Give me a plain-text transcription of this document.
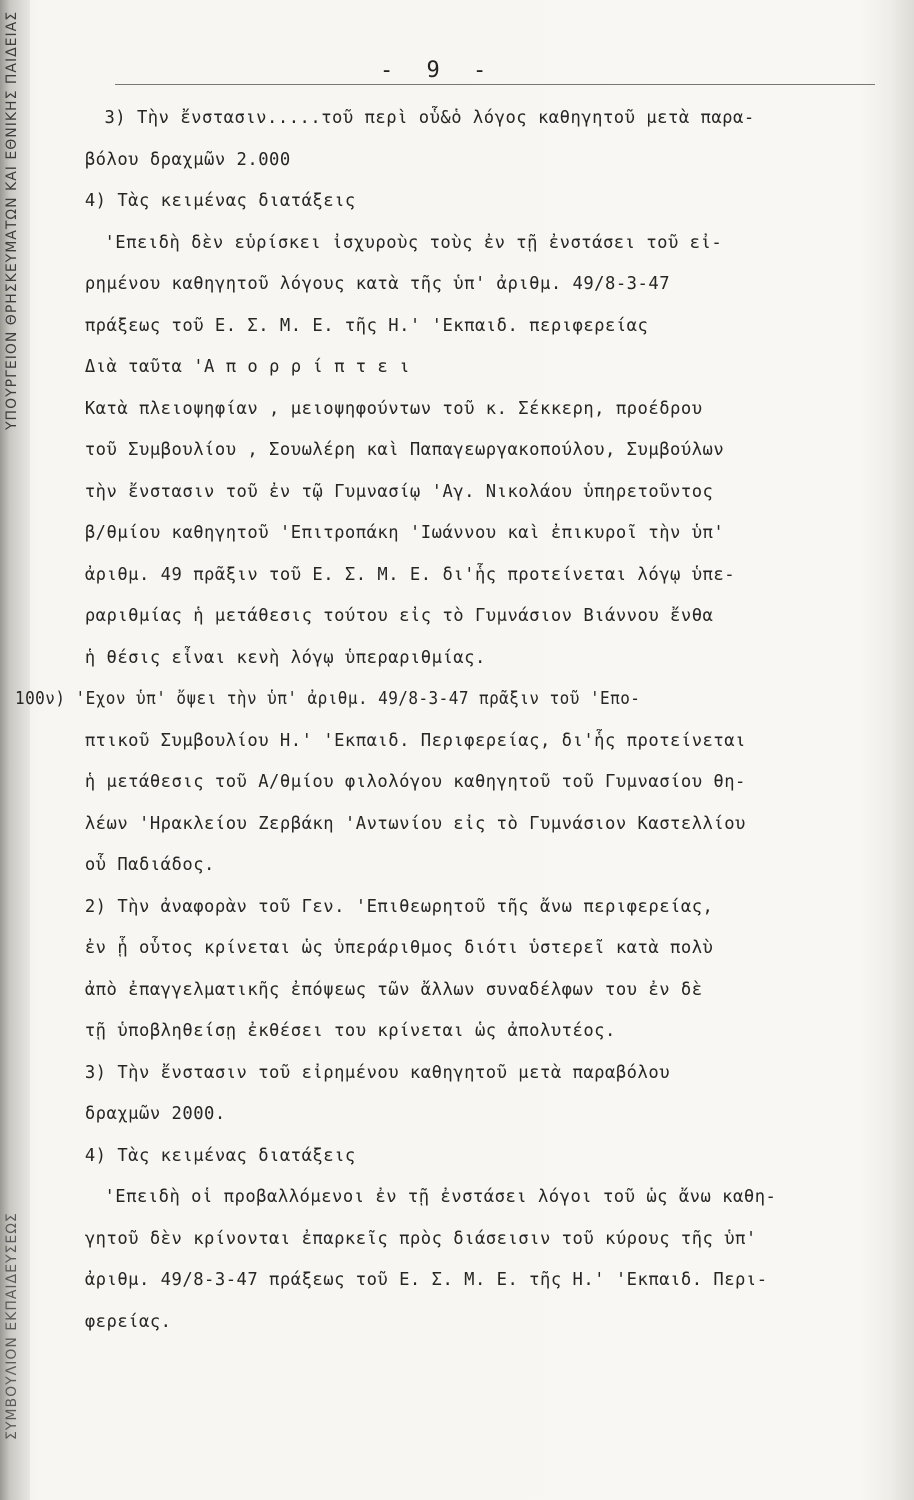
ΥΠΟΥΡΓΕΙΟΝ ΘΡΗΣΚΕΥΜΑΤΩΝ ΚΑΙ ΕΘΝΙΚΗΣ ΠΑΙΔΕΙΑΣ
ΣΥΜΒΟΥΛΙΟΝ ΕΚΠΑΙΔΕΥΣΕΩΣ
- 9 -
3) Τὴν ἔνστασιν.....τοῦ περὶ οὗ&ὁ λόγος καθηγητοῦ μετὰ παρα-
βόλου δραχμῶν 2.000
4) Τὰς κειμένας διατάξεις
'Επειδὴ δὲν εὑρίσκει ἰσχυροὺς τοὺς ἐν τῇ ἐνστάσει τοῦ εἰ-
ρημένου καθηγητοῦ λόγους κατὰ τῆς ὑπ' ἀριθμ. 49/8-3-47
πράξεως τοῦ Ε. Σ. Μ. Ε. τῆς Η.' 'Εκπαιδ. περιφερείας
Διὰ ταῦτα 'Α π ο ρ ρ ί π τ ε ι
Κατὰ πλειοψηφίαν , μειοψηφούντων τοῦ κ. Σέκκερη, προέδρου
τοῦ Συμβουλίου , Σουωλέρη καὶ Παπαγεωργακοπούλου, Συμβούλων
τὴν ἔνστασιν τοῦ ἐν τῷ Γυμνασίῳ 'Αγ. Νικολάου ὑπηρετοῦντος
β/θμίου καθηγητοῦ 'Επιτροπάκη 'Ιωάννου καὶ ἐπικυροῖ τὴν ὑπ'
ἀριθμ. 49 πρᾶξιν τοῦ Ε. Σ. Μ. Ε. δι'ἧς προτείνεται λόγῳ ὑπε-
ραριθμίας ἡ μετάθεσις τούτου εἰς τὸ Γυμνάσιον Βιάννου ἔνθα
ἡ θέσις εἶναι κενὴ λόγῳ ὑπεραριθμίας.
100ν) 'Εχον ὑπ' ὄψει τὴν ὑπ' ἀριθμ. 49/8-3-47 πρᾶξιν τοῦ 'Επο-
πτικοῦ Συμβουλίου Η.' 'Εκπαιδ. Περιφερείας, δι'ἧς προτείνεται
ἡ μετάθεσις τοῦ Α/θμίου φιλολόγου καθηγητοῦ τοῦ Γυμνασίου θη-
λέων 'Ηρακλείου Ζερβάκη 'Αντωνίου εἰς τὸ Γυμνάσιον Καστελλίου
οὗ Παδιάδος.
2) Τὴν ἀναφορὰν τοῦ Γεν. 'Επιθεωρητοῦ τῆς ἄνω περιφερείας,
ἐν ᾗ οὗτος κρίνεται ὡς ὑπεράριθμος διότι ὑστερεῖ κατὰ πολὺ
ἀπὸ ἐπαγγελματικῆς ἐπόψεως τῶν ἄλλων συναδέλφων του ἐν δὲ
τῇ ὑποβληθείσῃ ἐκθέσει του κρίνεται ὡς ἀπολυτέος.
3) Τὴν ἔνστασιν τοῦ εἰρημένου καθηγητοῦ μετὰ παραβόλου
δραχμῶν 2000.
4) Τὰς κειμένας διατάξεις
'Επειδὴ οἱ προβαλλόμενοι ἐν τῇ ἐνστάσει λόγοι τοῦ ὡς ἄνω καθη-
γητοῦ δὲν κρίνονται ἐπαρκεῖς πρὸς διάσεισιν τοῦ κύρους τῆς ὑπ'
ἀριθμ. 49/8-3-47 πράξεως τοῦ Ε. Σ. Μ. Ε. τῆς Η.' 'Εκπαιδ. Περι-
φερείας.
